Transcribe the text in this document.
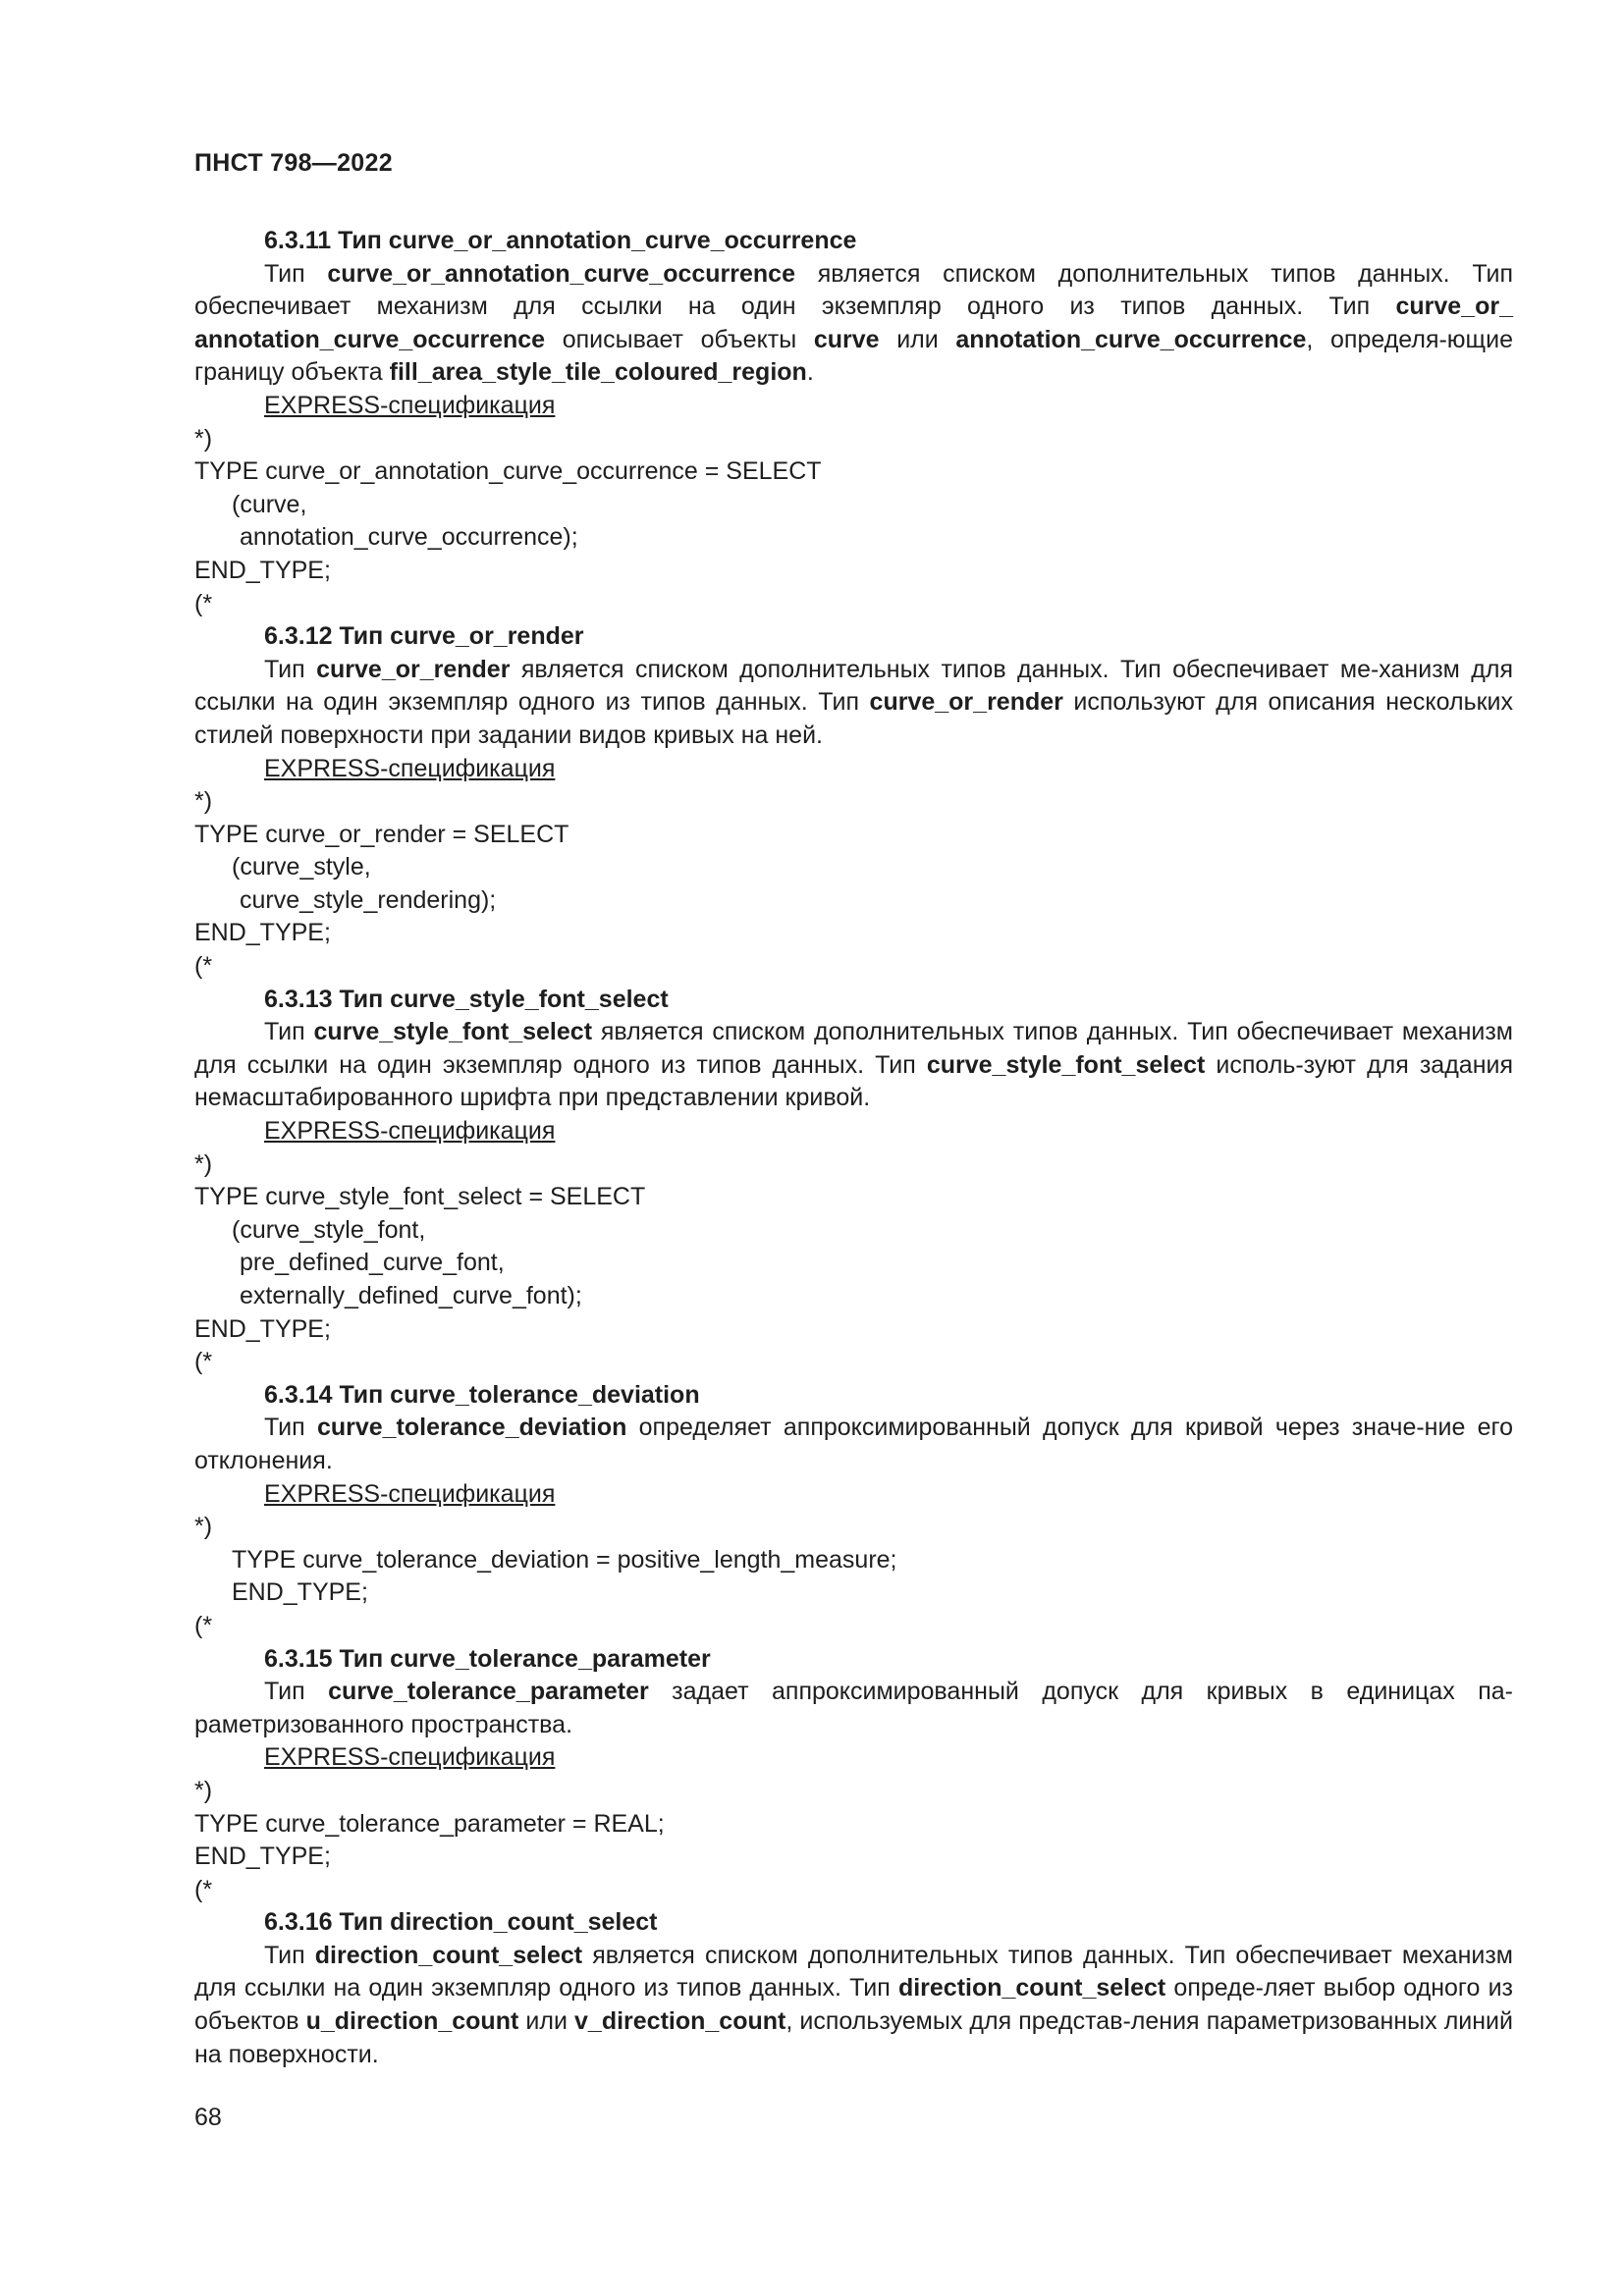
ПНСТ 798—2022
6.3.11 Тип curve_or_annotation_curve_occurrence

Тип curve_or_annotation_curve_occurrence является списком дополнительных типов данных. Тип обеспечивает механизм для ссылки на один экземпляр одного из типов данных. Тип curve_or_ annotation_curve_occurrence описывает объекты curve или annotation_curve_occurrence, определя-ющие границу объекта fill_area_style_tile_coloured_region.

EXPRESS-спецификация
*)
TYPE curve_or_annotation_curve_occurrence = SELECT
(curve,
annotation_curve_occurrence);
END_TYPE;
(*
6.3.12 Тип curve_or_render

Тип curve_or_render является списком дополнительных типов данных. Тип обеспечивает ме-ханизм для ссылки на один экземпляр одного из типов данных. Тип curve_or_render используют для описания нескольких стилей поверхности при задании видов кривых на ней.

EXPRESS-спецификация
*)
TYPE curve_or_render = SELECT
(curve_style,
curve_style_rendering);
END_TYPE;
(*
6.3.13 Тип curve_style_font_select

Тип curve_style_font_select является списком дополнительных типов данных. Тип обеспечивает механизм для ссылки на один экземпляр одного из типов данных. Тип curve_style_font_select исполь-зуют для задания немасштабированного шрифта при представлении кривой.

EXPRESS-спецификация
*)
TYPE curve_style_font_select = SELECT
(curve_style_font,
pre_defined_curve_font,
externally_defined_curve_font);
END_TYPE;
(*
6.3.14 Тип curve_tolerance_deviation

Тип curve_tolerance_deviation определяет аппроксимированный допуск для кривой через значе-ние его отклонения.

EXPRESS-спецификация
*)
TYPE curve_tolerance_deviation = positive_length_measure;
END_TYPE;
(*
6.3.15 Тип curve_tolerance_parameter

Тип curve_tolerance_parameter задает аппроксимированный допуск для кривых в единицах па-раметризованного пространства.

EXPRESS-спецификация
*)
TYPE curve_tolerance_parameter = REAL;
END_TYPE;
(*
6.3.16 Тип direction_count_select

Тип direction_count_select является списком дополнительных типов данных. Тип обеспечивает механизм для ссылки на один экземпляр одного из типов данных. Тип direction_count_select опреде-ляет выбор одного из объектов u_direction_count или v_direction_count, используемых для представ-ления параметризованных линий на поверхности.

68
